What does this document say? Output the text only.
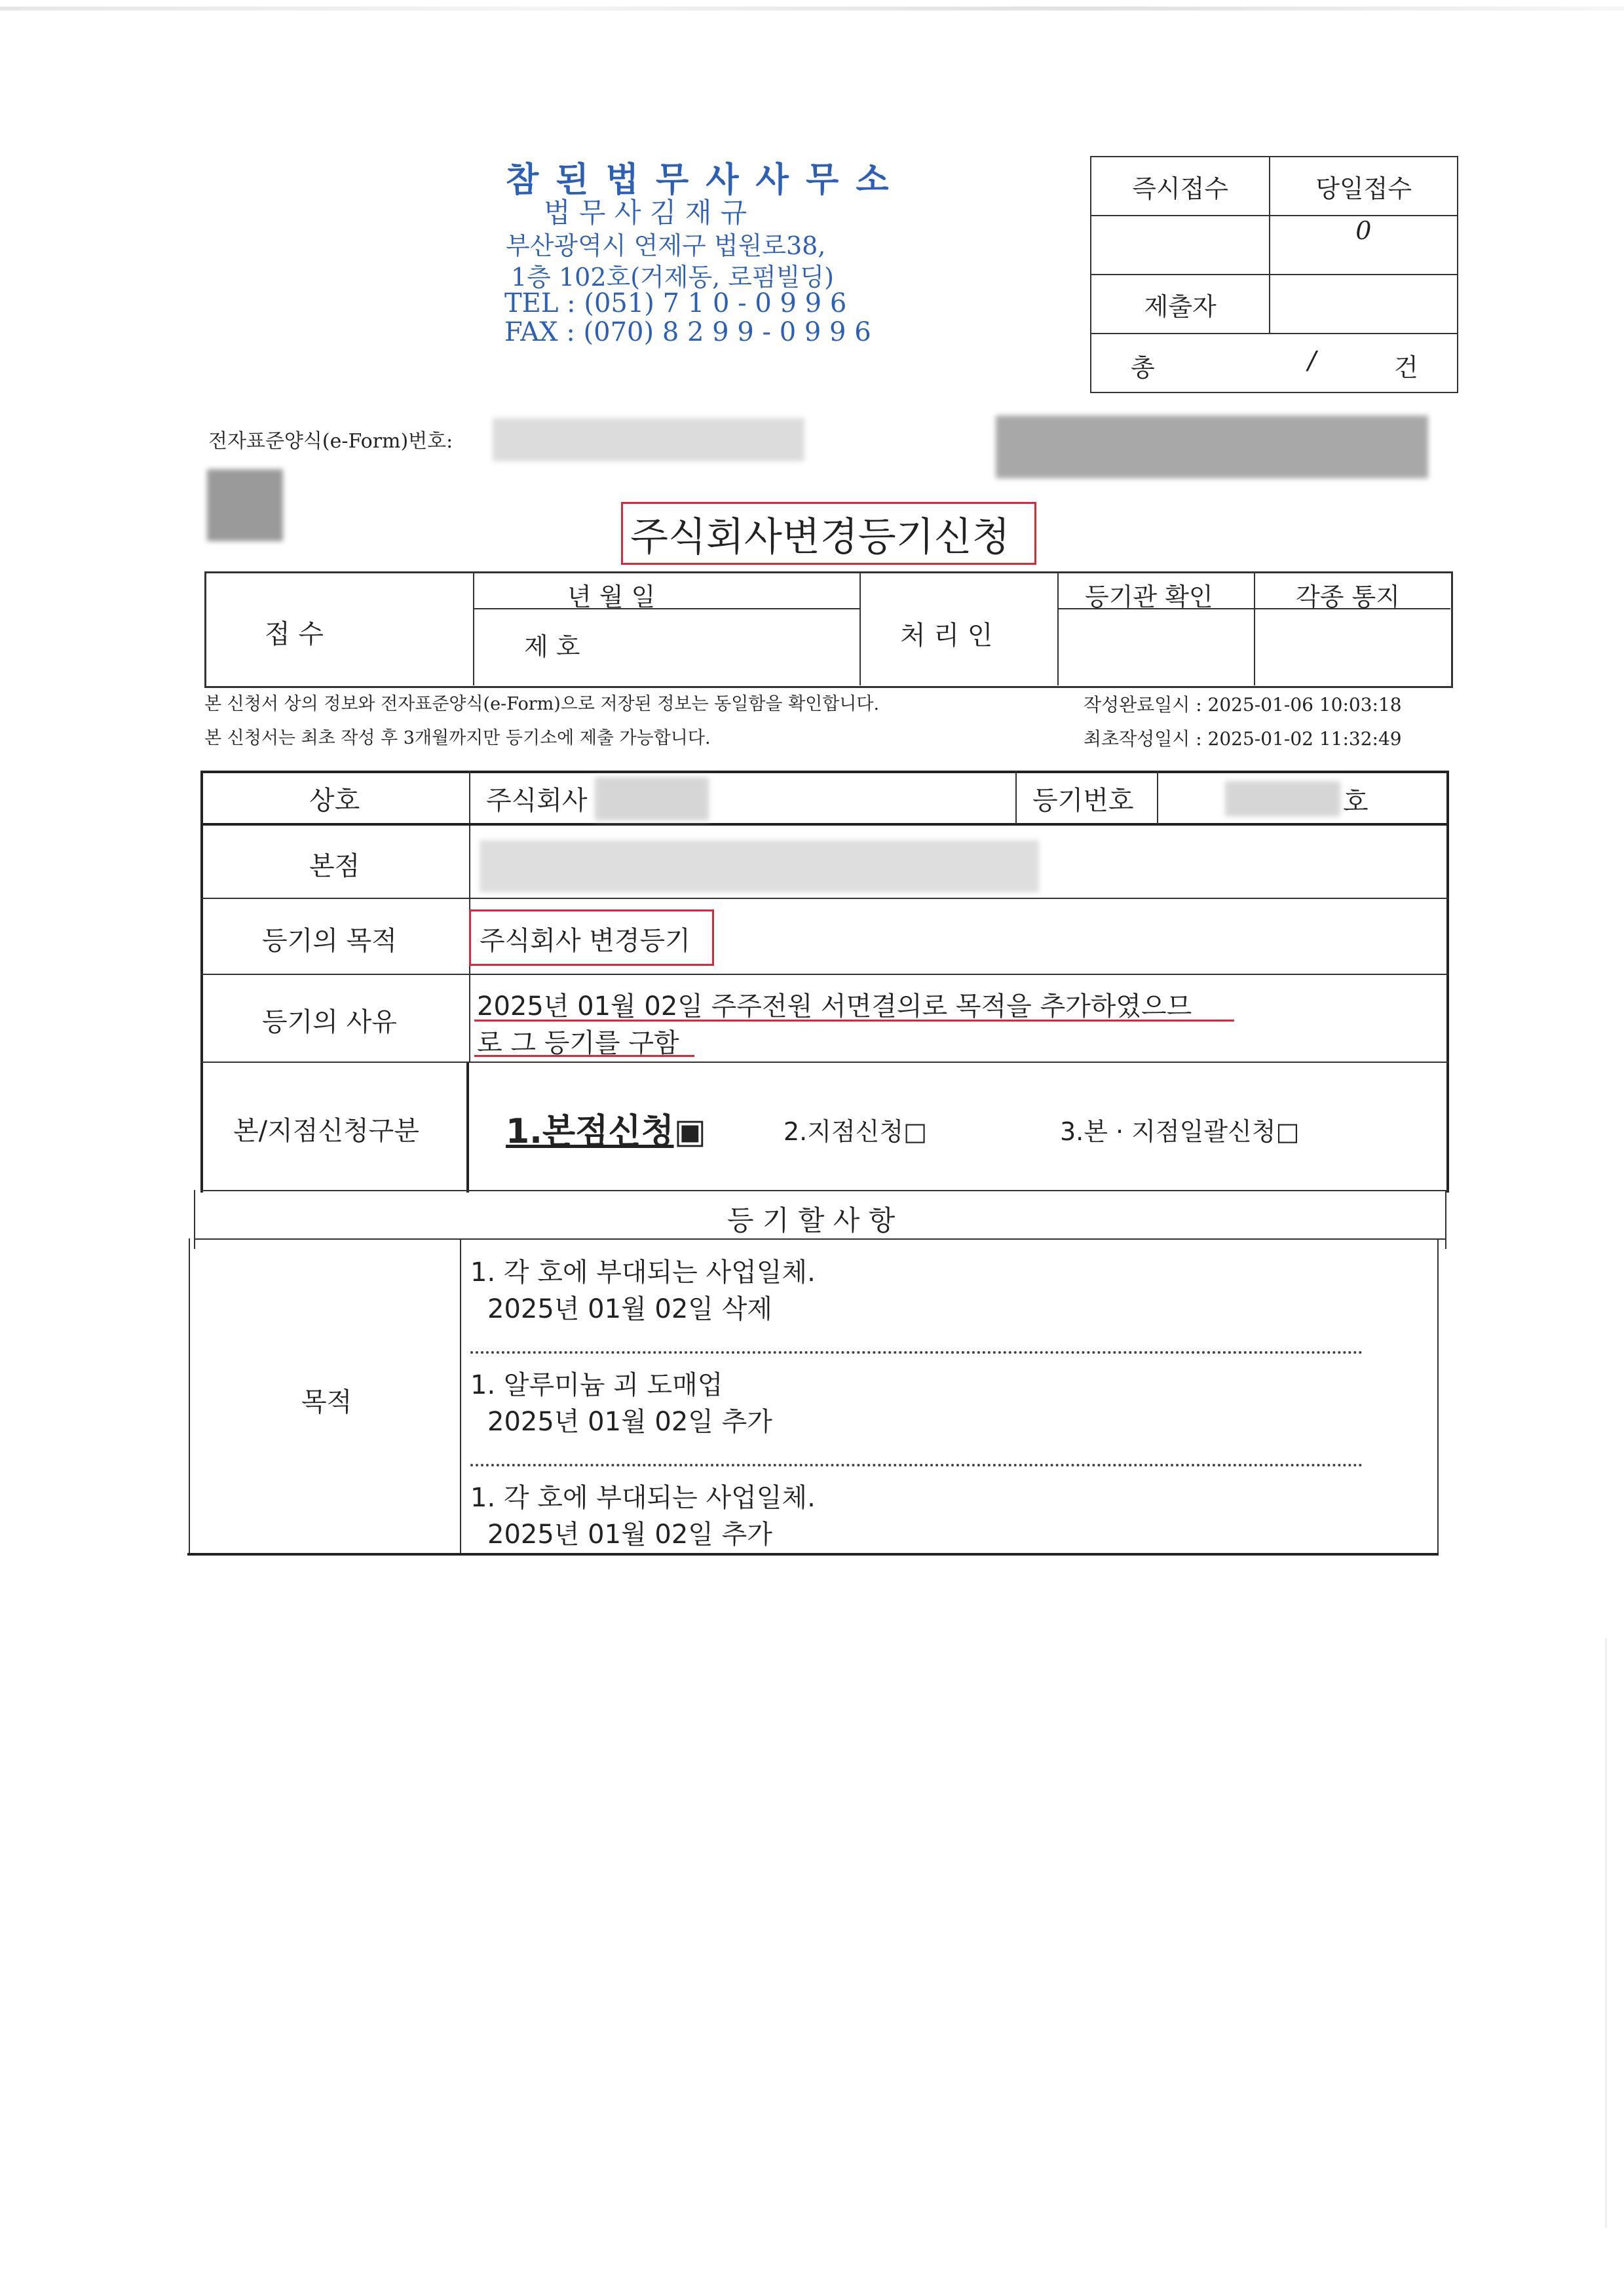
참 된 법 무 사 사 무 소
법 무 사 김 재 규
부산광역시 연제구 법원로38,
1층 102호(거제동, 로펌빌딩)
TEL : (051) 7 1 0 - 0 9 9 6
FAX : (070) 8 2 9 9 - 0 9 9 6
즉시접수	당일접수
	0
제출자	

총 / 건	
전자표준양식(e-Form)번호:
주식회사변경등기신청
접 수
년 월 일
제 호	처 리 인
등기관 확인	각종 통지
본 신청서 상의 정보와 전자표준양식(e-Form)으로 저장된 정보는 동일함을 확인합니다.
본 신청서는 최초 작성 후 3개월까지만 등기소에 제출 가능합니다.
작성완료일시 : 2025-01-06 10:03:18
최초작성일시 : 2025-01-02 11:32:49
상호	주식회사	등기번호	호
본점
등기의 목적	주식회사 변경등기
등기의 사유
2025년 01월 02일 주주전원 서면결의로 목적을 추가하였으므
로 그 등기를 구함
본/지점신청구분	1.본점신청▣	2.지점신청□	3.본 · 지점일괄신청□
등 기 할 사 항
목적
1. 각 호에 부대되는 사업일체.
2025년 01월 02일 삭제
1. 알루미늄 괴 도매업
2025년 01월 02일 추가
1. 각 호에 부대되는 사업일체.
2025년 01월 02일 추가
